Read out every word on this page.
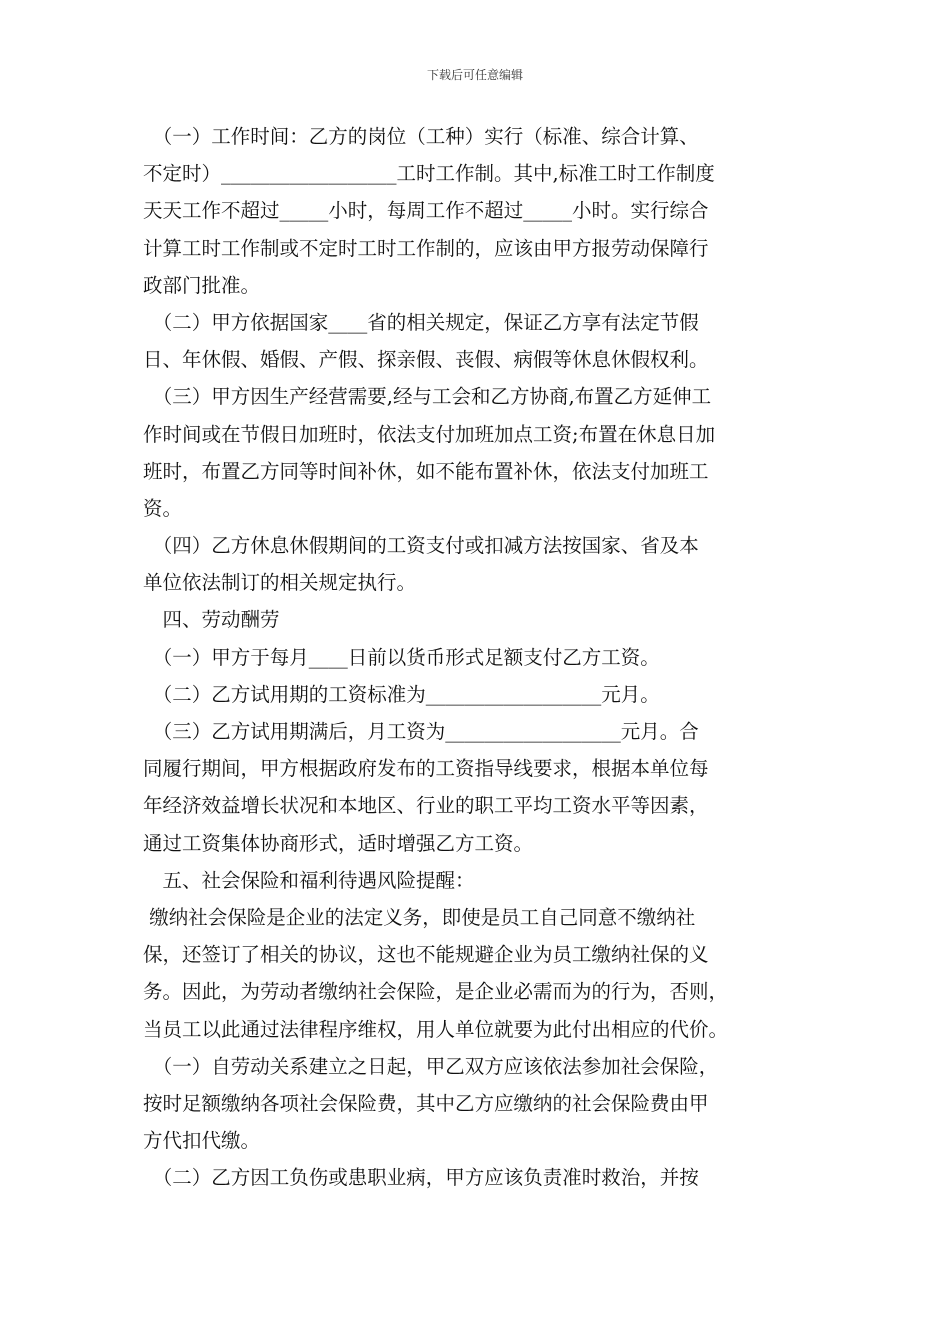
下载后可任意编辑
　（一）工作时间：乙方的岗位（工种）实行（标准、综合计算、
不定时）__________________工时工作制。其中,标准工时工作制度
天天工作不超过_____小时，每周工作不超过_____小时。实行综合
计算工时工作制或不定时工时工作制的，应该由甲方报劳动保障行
政部门批准。
　（二）甲方依据国家____省的相关规定，保证乙方享有法定节假
日、年休假、婚假、产假、探亲假、丧假、病假等休息休假权利。
　（三）甲方因生产经营需要,经与工会和乙方协商,布置乙方延伸工
作时间或在节假日加班时，依法支付加班加点工资;布置在休息日加
班时，布置乙方同等时间补休，如不能布置补休，依法支付加班工
资。
　（四）乙方休息休假期间的工资支付或扣减方法按国家、省及本
单位依法制订的相关规定执行。
　四、劳动酬劳
　（一）甲方于每月____日前以货币形式足额支付乙方工资。
　（二）乙方试用期的工资标准为__________________元月。
　（三）乙方试用期满后，月工资为__________________元月。合
同履行期间，甲方根据政府发布的工资指导线要求，根据本单位每
年经济效益增长状况和本地区、行业的职工平均工资水平等因素，
通过工资集体协商形式，适时增强乙方工资。
　五、社会保险和福利待遇风险提醒：
缴纳社会保险是企业的法定义务，即使是员工自己同意不缴纳社
保，还签订了相关的协议，这也不能规避企业为员工缴纳社保的义
务。因此，为劳动者缴纳社会保险，是企业必需而为的行为，否则，
当员工以此通过法律程序维权，用人单位就要为此付出相应的代价。
　（一）自劳动关系建立之日起，甲乙双方应该依法参加社会保险，
按时足额缴纳各项社会保险费，其中乙方应缴纳的社会保险费由甲
方代扣代缴。
　（二）乙方因工负伤或患职业病，甲方应该负责准时救治，并按
